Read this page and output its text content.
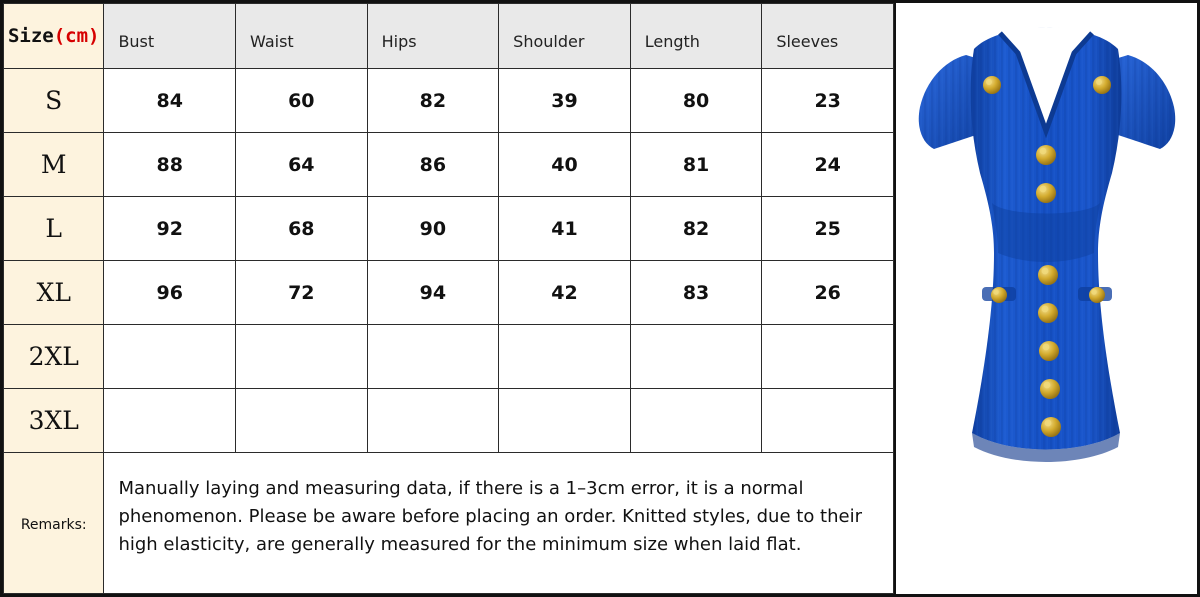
Size(cm)	Bust	Waist	Hips	Shoulder	Length	Sleeves

S	84	60	82	39	80	23
M	88	64	86	40	81	24
L	92	68	90	41	82	25
XL	96	72	94	42	83	26
2XL						
3XL						
Remarks:	Manually laying and measuring data, if there is a 1–3cm error, it is a normal phenomenon. Please be aware before placing an order. Knitted styles, due to their high elasticity, are generally measured for the minimum size when laid flat.					
